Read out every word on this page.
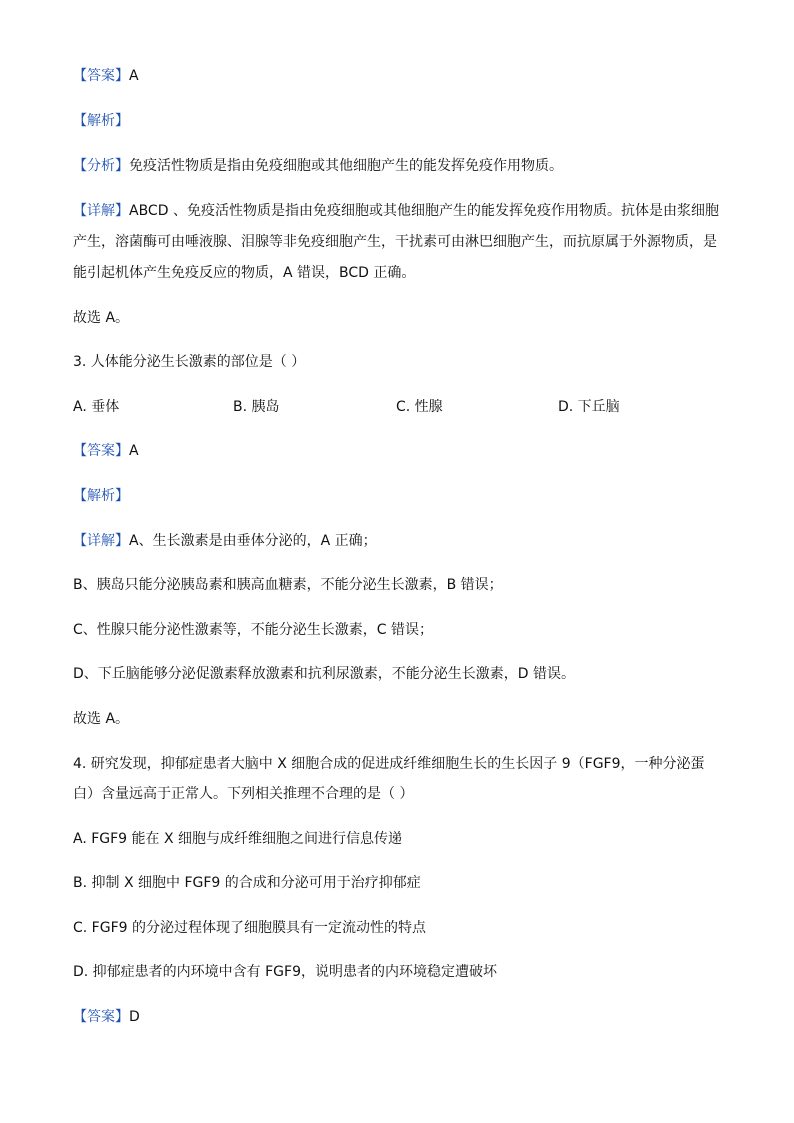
【答案】A
【解析】
【分析】免疫活性物质是指由免疫细胞或其他细胞产生的能发挥免疫作用物质。
【详解】ABCD 、免疫活性物质是指由免疫细胞或其他细胞产生的能发挥免疫作用物质。抗体是由浆细胞
产生，溶菌酶可由唾液腺、泪腺等非免疫细胞产生，干扰素可由淋巴细胞产生，而抗原属于外源物质，是
能引起机体产生免疫反应的物质，A 错误，BCD 正确。
故选 A。
3. 人体能分泌生长激素的部位是（ ）
A. 垂体	B. 胰岛	C. 性腺	D. 下丘脑
【答案】A
【解析】
【详解】A、生长激素是由垂体分泌的，A 正确；
B、胰岛只能分泌胰岛素和胰高血糖素，不能分泌生长激素，B 错误；
C、性腺只能分泌性激素等，不能分泌生长激素，C 错误；
D、下丘脑能够分泌促激素释放激素和抗利尿激素，不能分泌生长激素，D 错误。
故选 A。
4. 研究发现，抑郁症患者大脑中 X 细胞合成的促进成纤维细胞生长的生长因子 9（FGF9，一种分泌蛋
白）含量远高于正常人。下列相关推理不合理的是（ ）
A. FGF9 能在 X 细胞与成纤维细胞之间进行信息传递
B. 抑制 X 细胞中 FGF9 的合成和分泌可用于治疗抑郁症
C. FGF9 的分泌过程体现了细胞膜具有一定流动性的特点
D. 抑郁症患者的内环境中含有 FGF9，说明患者的内环境稳定遭破坏
【答案】D
